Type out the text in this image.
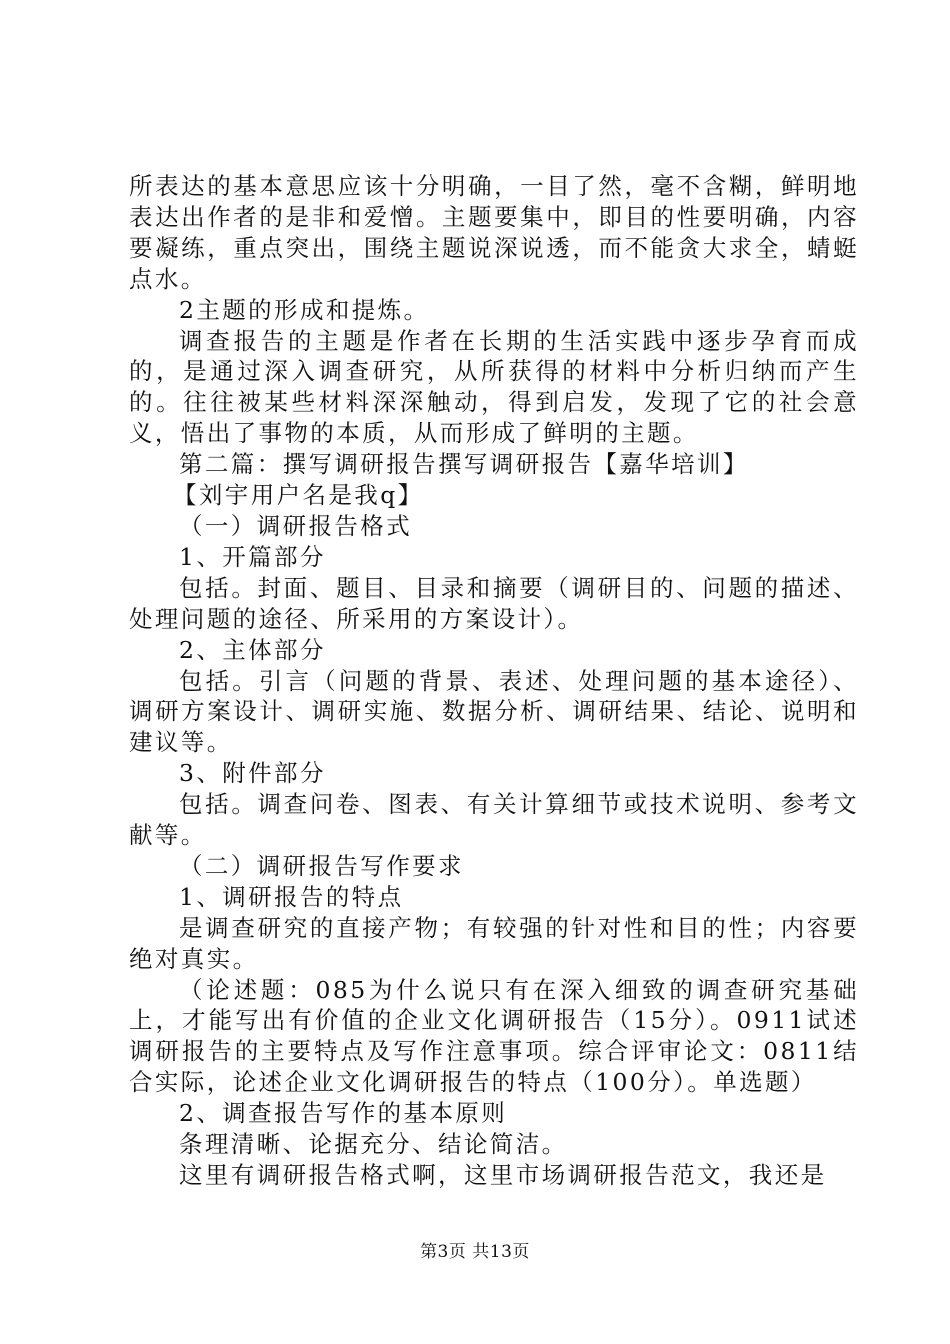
所表达的基本意思应该十分明确，一目了然，毫不含糊，鲜明地表达出作者的是非和爱憎。主题要集中，即目的性要明确，内容要凝练，重点突出，围绕主题说深说透，而不能贪大求全，蜻蜓点水。

2主题的形成和提炼。

调查报告的主题是作者在长期的生活实践中逐步孕育而成的，是通过深入调查研究，从所获得的材料中分析归纳而产生的。往往被某些材料深深触动，得到启发，发现了它的社会意义，悟出了事物的本质，从而形成了鲜明的主题。

第二篇：撰写调研报告撰写调研报告【嘉华培训】

【刘宇用户名是我q】

（一）调研报告格式

1、开篇部分

包括。封面、题目、目录和摘要（调研目的、问题的描述、处理问题的途径、所采用的方案设计）。

2、主体部分

包括。引言（问题的背景、表述、处理问题的基本途径）、调研方案设计、调研实施、数据分析、调研结果、结论、说明和建议等。

3、附件部分

包括。调查问卷、图表、有关计算细节或技术说明、参考文献等。

（二）调研报告写作要求

1、调研报告的特点

是调查研究的直接产物；有较强的针对性和目的性；内容要绝对真实。

（论述题：085为什么说只有在深入细致的调查研究基础上，才能写出有价值的企业文化调研报告（15分）。0911试述调研报告的主要特点及写作注意事项。综合评审论文：0811结合实际，论述企业文化调研报告的特点（100分）。单选题）

2、调查报告写作的基本原则

条理清晰、论据充分、结论简洁。

这里有调研报告格式啊，这里市场调研报告范文，我还是

第3页 共13页
